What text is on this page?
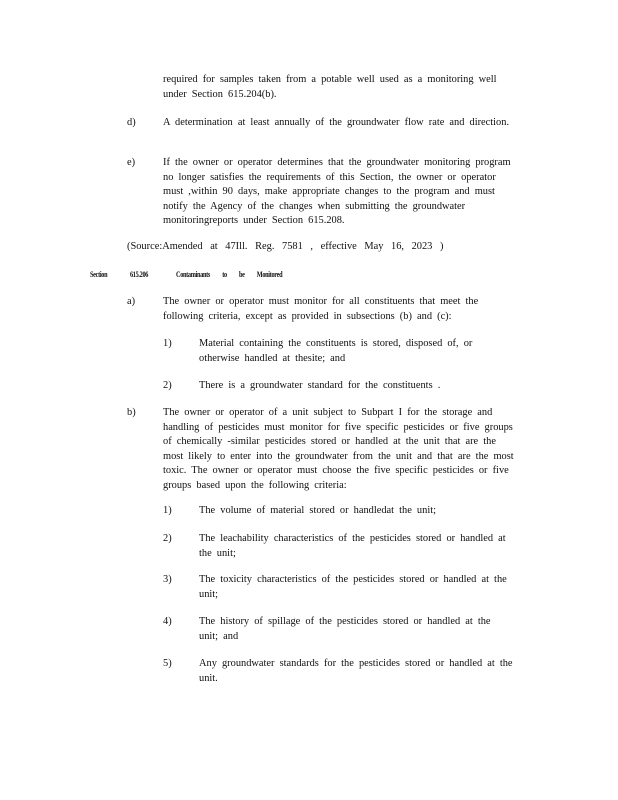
required for samples taken from a potable well used as a monitoring well under Section 615.204(b).
d)	A determination at least annually of the groundwater flow rate and direction.
e)	If the owner or operator determines that the groundwater monitoring program no longer satisfies the requirements of this Section, the owner or operator must ,within 90 days, make appropriate changes to the program and must notify the Agency of the changes when submitting the groundwater monitoringreports under Section 615.208.
(Source:Amended at 47Ill. Reg. 7581 , effective May 16, 2023 )
Section	615.206	Contaminants to be Monitored
a)	The owner or operator must monitor for all constituents that meet the following criteria, except as provided in subsections (b) and (c):
1)	Material containing the constituents is stored, disposed of, or otherwise handled at thesite; and
2)	There is a groundwater standard for the constituents .
b)	The owner or operator of a unit subject to Subpart I for the storage and handling of pesticides must monitor for five specific pesticides or five groups of chemically -similar pesticides stored or handled at the unit that are the most likely to enter into the groundwater from the unit and that are the most toxic. The owner or operator must choose the five specific pesticides or five groups based upon the following criteria:
1)	The volume of material stored or handledat the unit;
2)	The leachability characteristics of the pesticides stored or handled at the unit;
3)	The toxicity characteristics of the pesticides stored or handled at the unit;
4)	The history of spillage of the pesticides stored or handled at the unit; and
5)	Any groundwater standards for the pesticides stored or handled at the unit.
